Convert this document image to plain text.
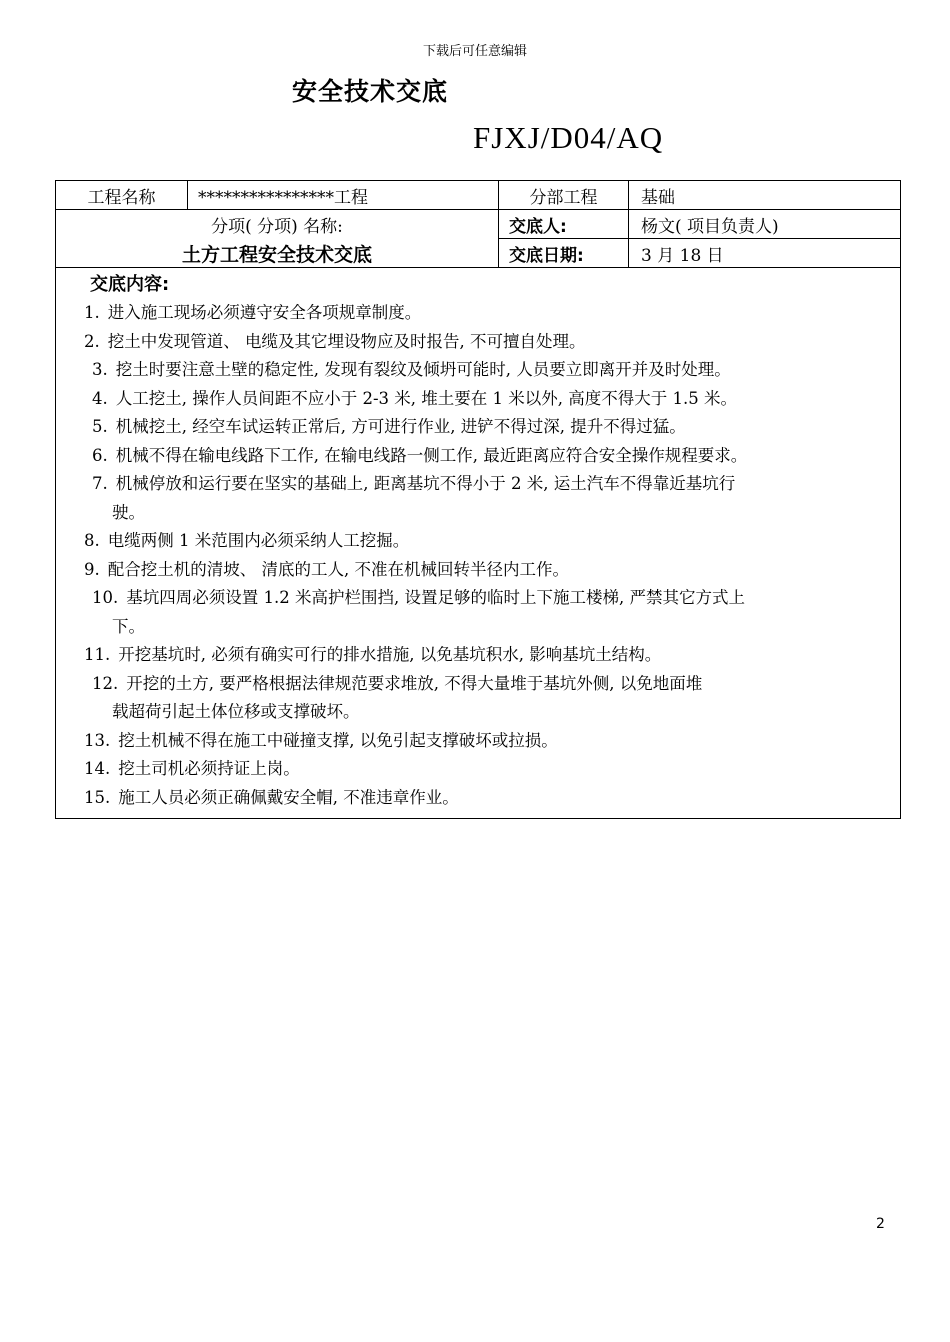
下载后可任意编辑
安全技术交底
FJXJ/D04/AQ
工程名称	****************工程	分部工程	基础
分项( 分项) 名称:
土方工程安全技术交底
交底人:	杨文( 项目负责人)
交底日期:	3 月 18 日
交底内容:
1. 进入施工现场必须遵守安全各项规章制度。
2. 挖土中发现管道、 电缆及其它埋设物应及时报告, 不可擅自处理。
3. 挖土时要注意土壁的稳定性, 发现有裂纹及倾坍可能时, 人员要立即离开并及时处理。
4. 人工挖土, 操作人员间距不应小于 2-3 米, 堆土要在 1 米以外, 高度不得大于 1.5 米。
5. 机械挖土, 经空车试运转正常后, 方可进行作业, 进铲不得过深, 提升不得过猛。
6. 机械不得在输电线路下工作, 在输电线路一侧工作, 最近距离应符合安全操作规程要求。
7. 机械停放和运行要在坚实的基础上, 距离基坑不得小于 2 米, 运土汽车不得靠近基坑行
驶。
8. 电缆两侧 1 米范围内必须采纳人工挖掘。
9. 配合挖土机的清坡、 清底的工人, 不准在机械回转半径内工作。
10. 基坑四周必须设置 1.2 米高护栏围挡, 设置足够的临时上下施工楼梯, 严禁其它方式上
下。
11. 开挖基坑时, 必须有确实可行的排水措施, 以免基坑积水, 影响基坑土结构。
12. 开挖的土方, 要严格根据法律规范要求堆放, 不得大量堆于基坑外侧, 以免地面堆
载超荷引起土体位移或支撑破坏。
13. 挖土机械不得在施工中碰撞支撑, 以免引起支撑破坏或拉损。
14. 挖土司机必须持证上岗。
15. 施工人员必须正确佩戴安全帽, 不准违章作业。
2
